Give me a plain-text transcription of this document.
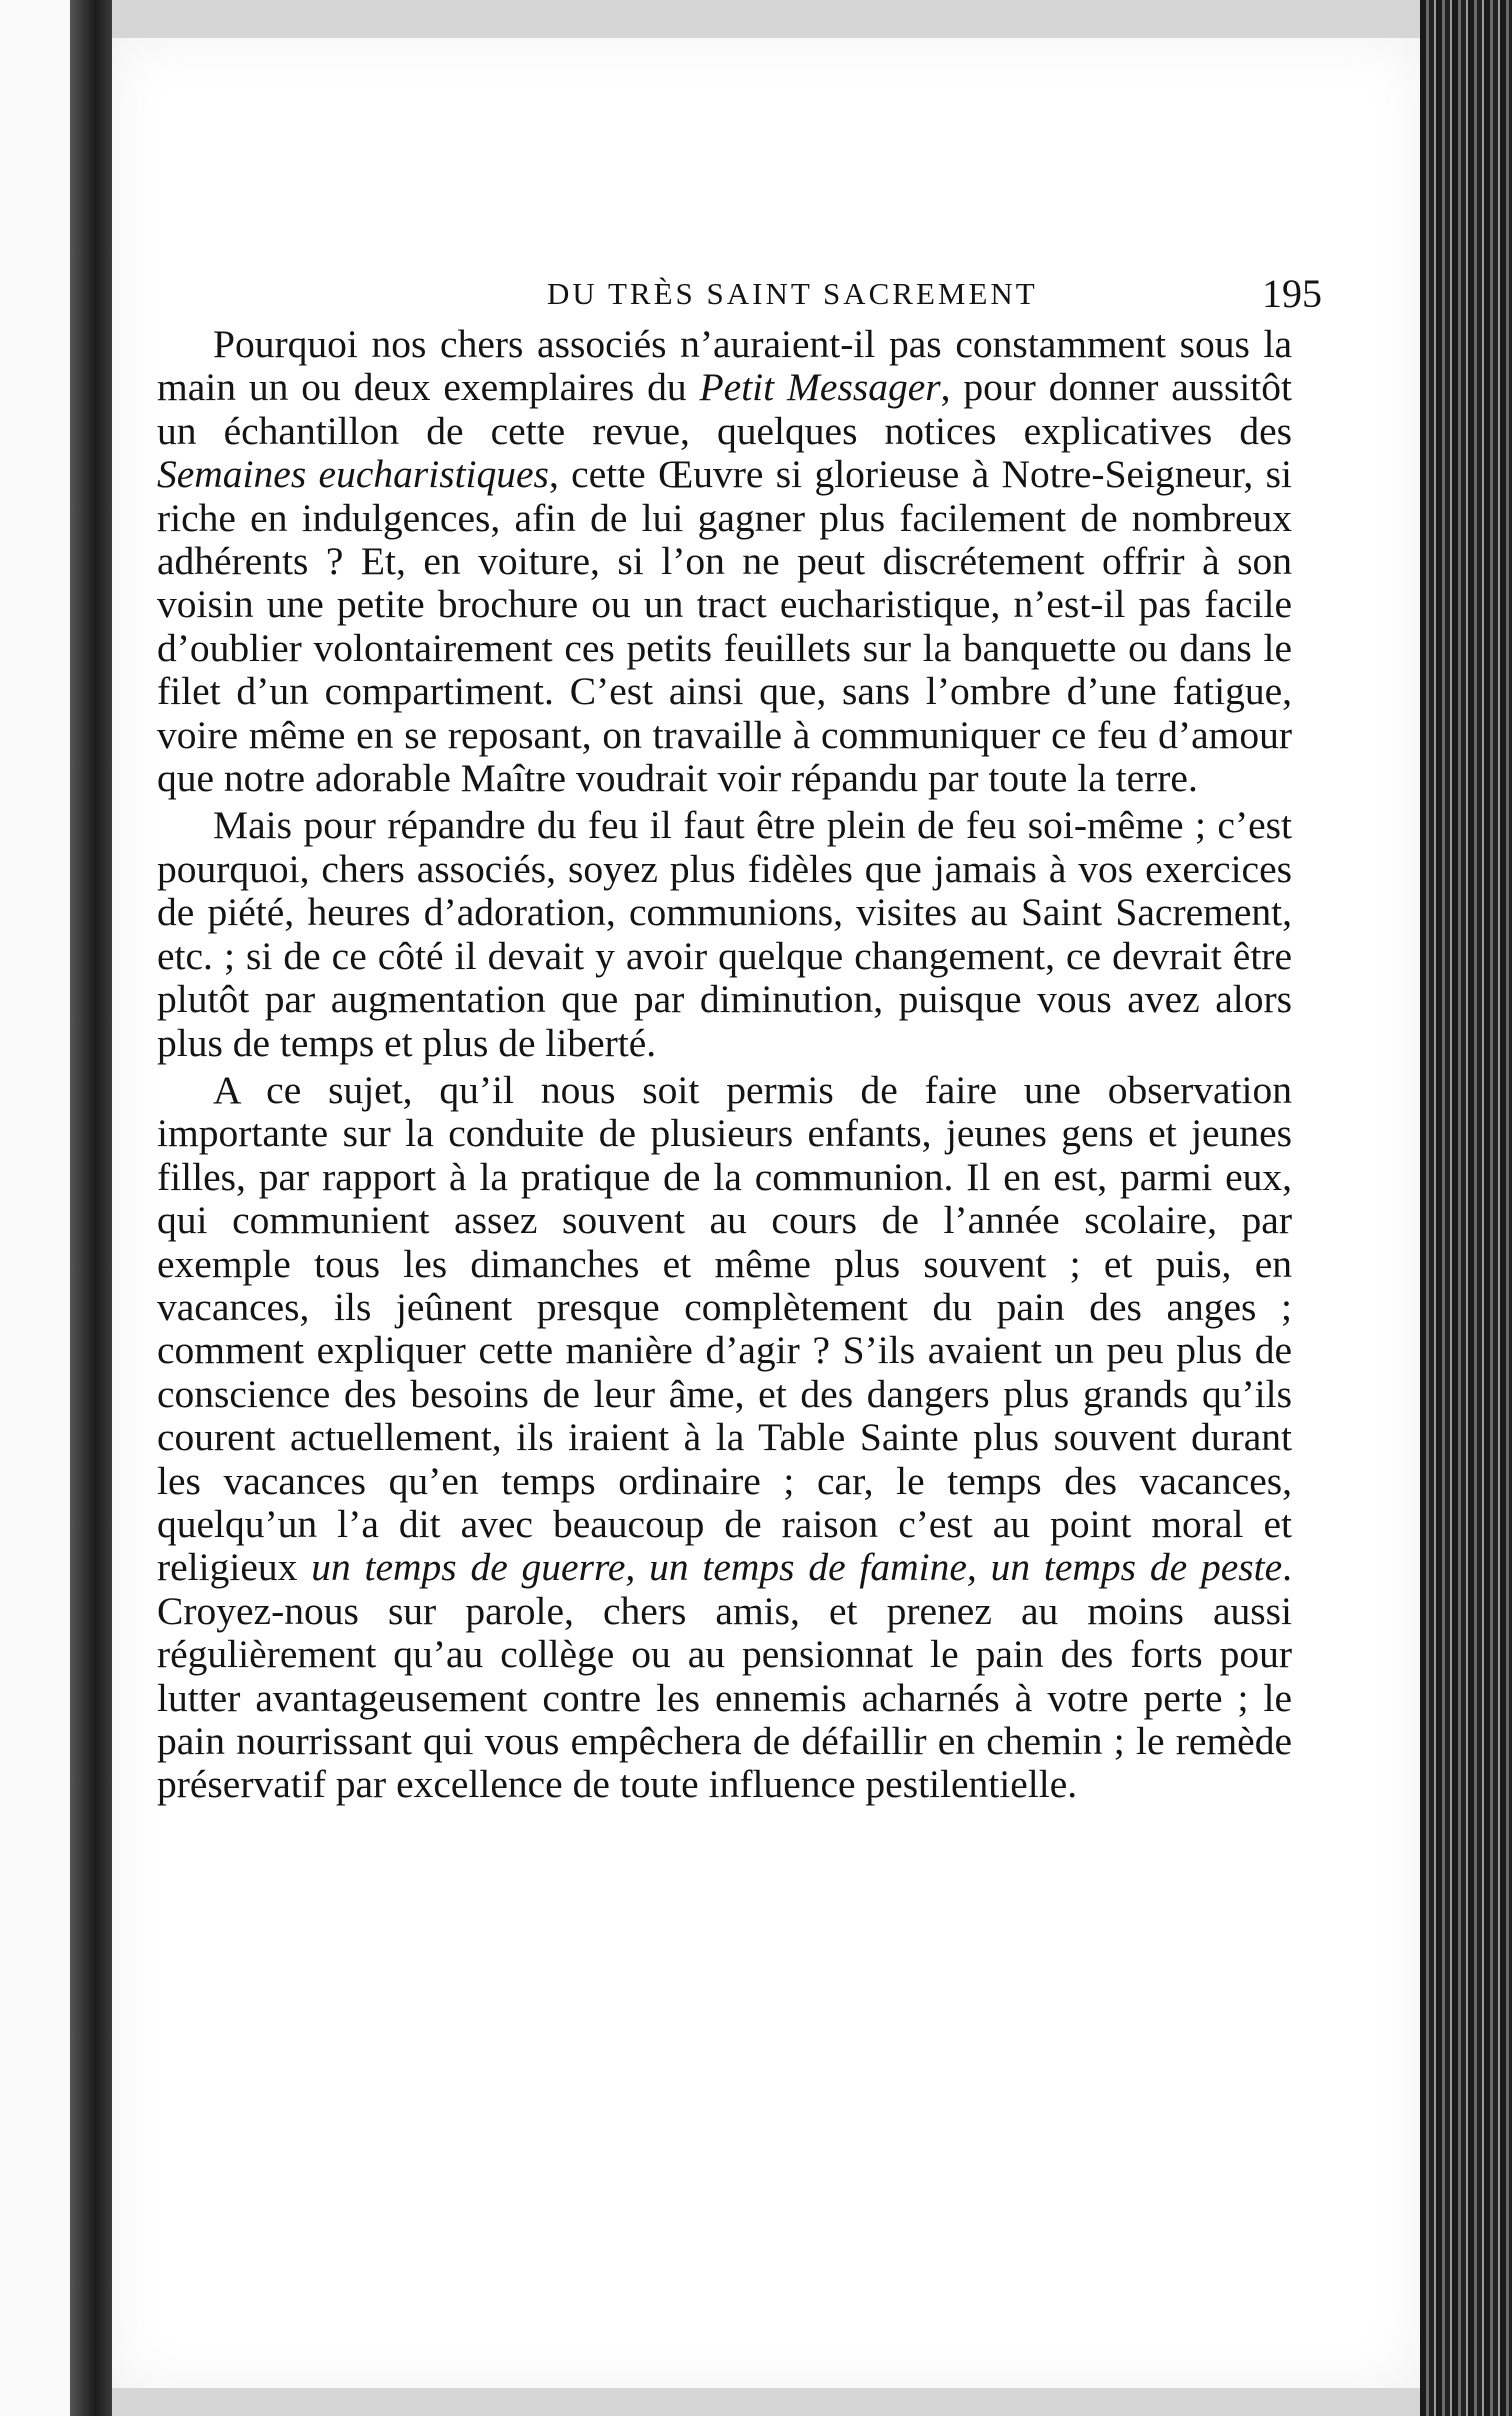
DU TRÈS SAINT SACREMENT	195

Pourquoi nos chers associés n’auraient-il pas constamment sous la main un ou deux exemplaires du Petit Messager, pour donner aussitôt un échantillon de cette revue, quelques notices explicatives des Semaines eucharistiques, cette Œuvre si glorieuse à Notre-Seigneur, si riche en indulgences, afin de lui gagner plus facilement de nombreux adhérents ? Et, en voiture, si l’on ne peut discrétement offrir à son voisin une petite brochure ou un tract eucharistique, n’est-il pas facile d’oublier volontairement ces petits feuillets sur la banquette ou dans le filet d’un compartiment. C’est ainsi que, sans l’ombre d’une fatigue, voire même en se reposant, on travaille à communiquer ce feu d’amour que notre adorable Maître voudrait voir répandu par toute la terre.

Mais pour répandre du feu il faut être plein de feu soi-même ; c’est pourquoi, chers associés, soyez plus fidèles que jamais à vos exercices de piété, heures d’adoration, communions, visites au Saint Sacrement, etc. ; si de ce côté il devait y avoir quelque changement, ce devrait être plutôt par augmentation que par diminution, puisque vous avez alors plus de temps et plus de liberté.

A ce sujet, qu’il nous soit permis de faire une observation importante sur la conduite de plusieurs enfants, jeunes gens et jeunes filles, par rapport à la pratique de la communion. Il en est, parmi eux, qui communient assez souvent au cours de l’année scolaire, par exemple tous les dimanches et même plus souvent ; et puis, en vacances, ils jeûnent presque complètement du pain des anges ; comment expliquer cette manière d’agir ? S’ils avaient un peu plus de conscience des besoins de leur âme, et des dangers plus grands qu’ils courent actuellement, ils iraient à la Table Sainte plus souvent durant les vacances qu’en temps ordinaire ; car, le temps des vacances, quelqu’un l’a dit avec beaucoup de raison c’est au point moral et religieux un temps de guerre, un temps de famine, un temps de peste. Croyez-nous sur parole, chers amis, et prenez au moins aussi régulièrement qu’au collège ou au pensionnat le pain des forts pour lutter avantageusement contre les ennemis acharnés à votre perte ; le pain nourrissant qui vous empêchera de défaillir en chemin ; le remède préservatif par excellence de toute influence pestilentielle.
